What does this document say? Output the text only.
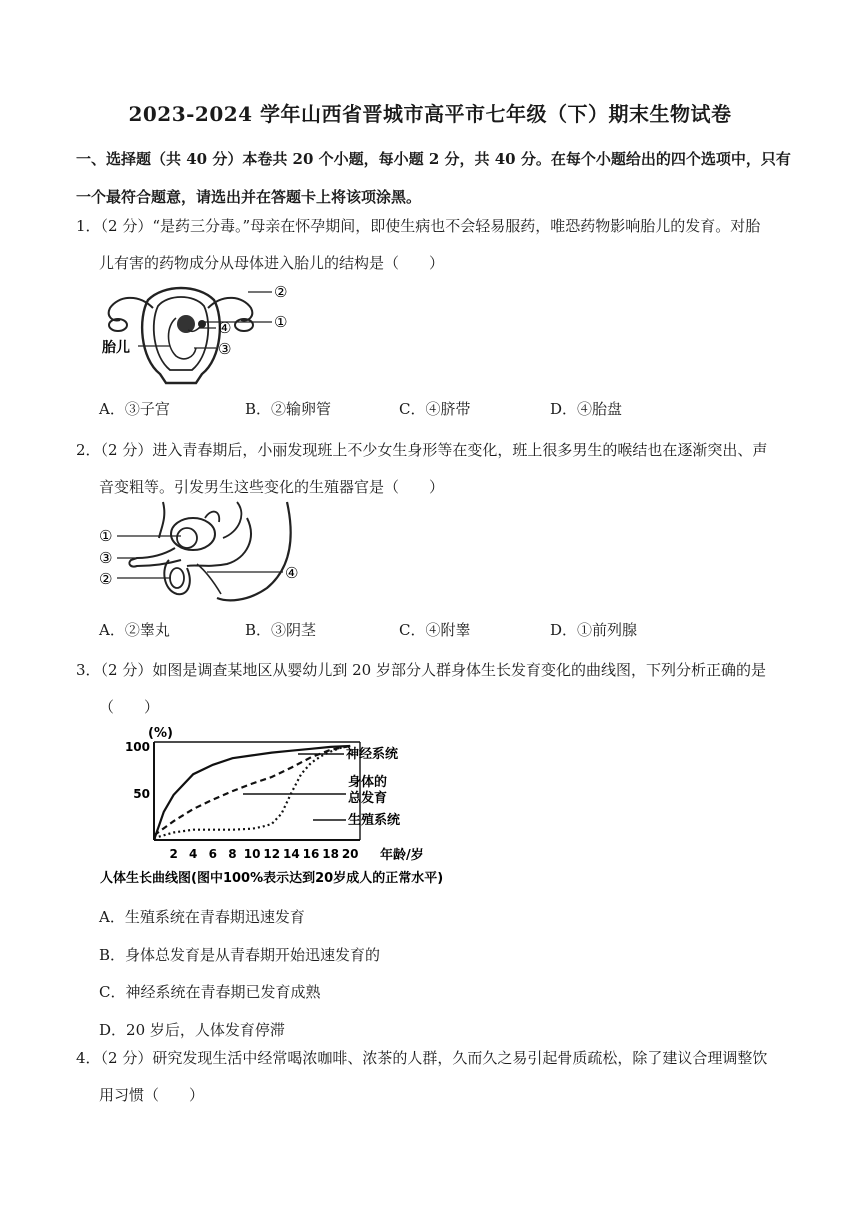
2023-2024 学年山西省晋城市高平市七年级（下）期末生物试卷
一、选择题（共 40 分）本卷共 20 个小题，每小题 2 分，共 40 分。在每个小题给出的四个选项中，只有
一个最符合题意，请选出并在答题卡上将该项涂黑。
1．（2 分）“是药三分毒。”母亲在怀孕期间，即使生病也不会轻易服药，唯恐药物影响胎儿的发育。对胎
儿有害的药物成分从母体进入胎儿的结构是（　　）
②
①
④
③
胎儿
A．③子宫	B．②输卵管	C．④脐带	D．④胎盘
2．（2 分）进入青春期后，小丽发现班上不少女生身形等在变化，班上很多男生的喉结也在逐渐突出、声
音变粗等。引发男生这些变化的生殖器官是（　　）
①
③
②	④
A．②睾丸	B．③阴茎	C．④附睾	D．①前列腺
3．（2 分）如图是调查某地区从婴幼儿到 20 岁部分人群身体生长发育变化的曲线图，下列分析正确的是
（　　）
2 4 6 8 10 12 14 16 18 20
50
100
(%)
年龄/岁
神经系统
身体的
总发育
生殖系统
人体生长曲线图(图中100%表示达到20岁成人的正常水平)
A．生殖系统在青春期迅速发育
B．身体总发育是从青春期开始迅速发育的
C．神经系统在青春期已发育成熟
D．20 岁后，人体发育停滞
4．（2 分）研究发现生活中经常喝浓咖啡、浓茶的人群，久而久之易引起骨质疏松，除了建议合理调整饮
用习惯（　　）
